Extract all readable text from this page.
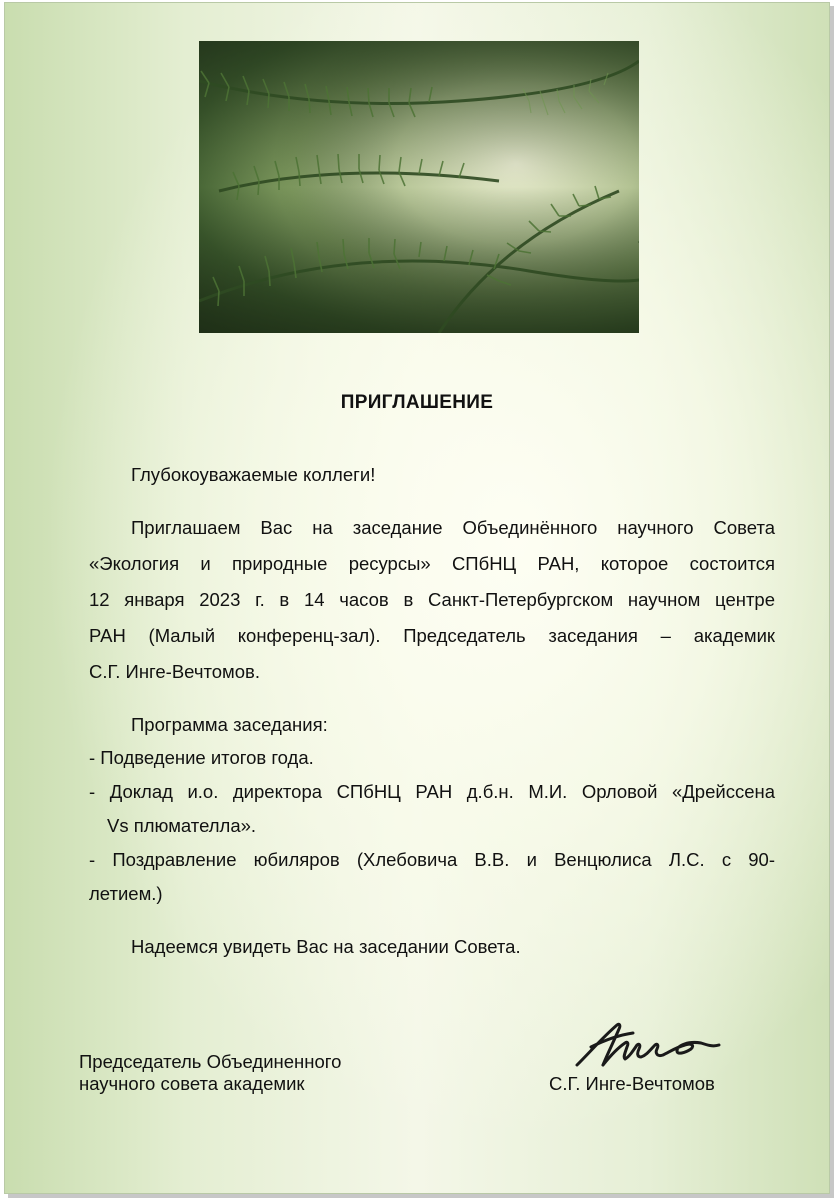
ПРИГЛАШЕНИЕ
Глубокоуважаемые коллеги!
Приглашаем Вас на заседание Объединённого научного Совета
«Экология и природные ресурсы» СПбНЦ РАН, которое состоится
12 января 2023 г. в 14 часов в Санкт-Петербургском научном центре
РАН (Малый конференц-зал). Председатель заседания – академик
С.Г. Инге-Вечтомов.
Программа заседания:
- Подведение итогов года.
- Доклад и.о. директора СПбНЦ РАН д.б.н. М.И. Орловой «Дрейссена
Vs плюмателла».
- Поздравление юбиляров (Хлебовича В.В. и Венцюлиса Л.С. с 90-
летием.)
Надеемся увидеть Вас на заседании Совета.
Председатель Объединенного
научного совета академик	С.Г. Инге-Вечтомов
